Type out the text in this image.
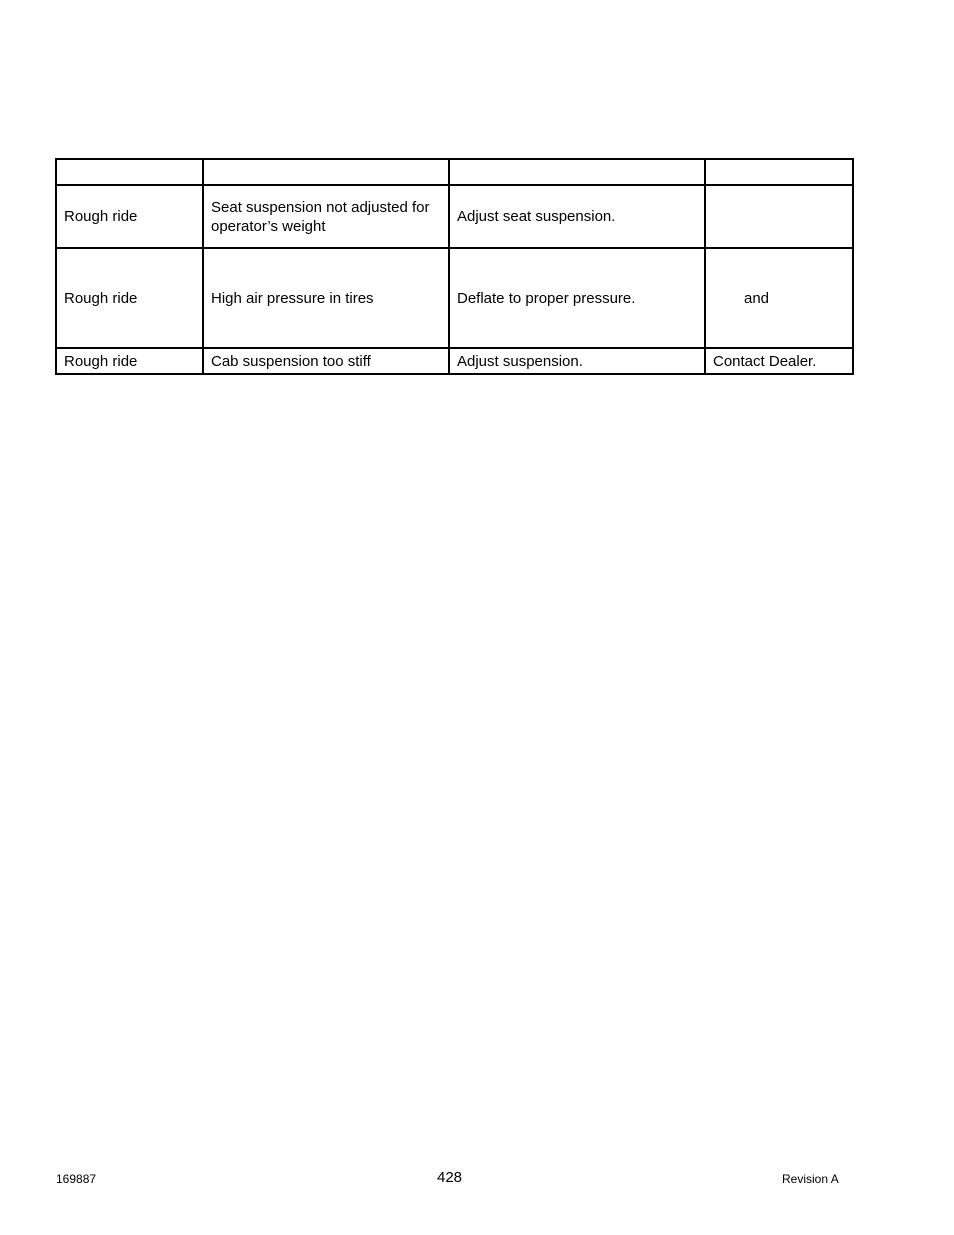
Rough ride	Seat suspension not adjusted for operator’s weight	Adjust seat suspension.	
Rough ride	High air pressure in tires	Deflate to proper pressure.	and
Rough ride	Cab suspension too stiff	Adjust suspension.	Contact Dealer.
169887	428	Revision A
